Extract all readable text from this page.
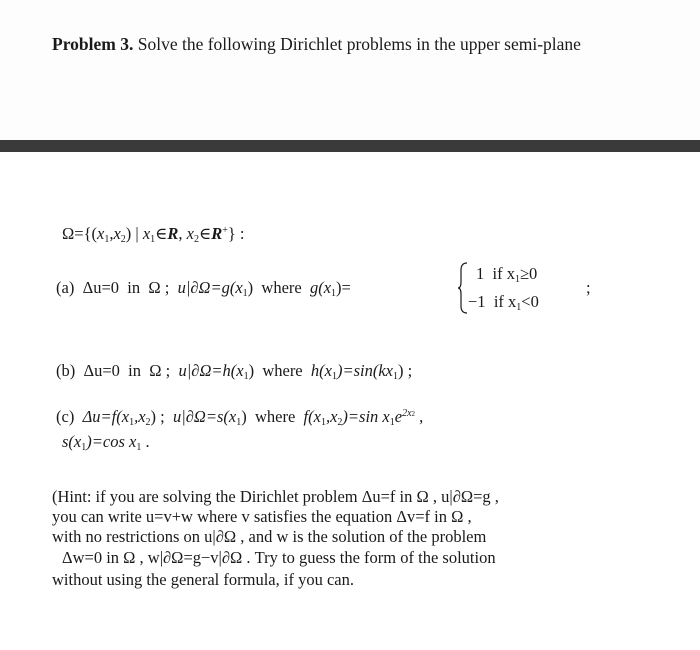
Problem 3. Solve the following Dirichlet problems in the upper semi-plane
$\Omega=\{(x_1,x_2)$ | $x_1\in R$, $x_2\in R^+$} :
(a) Δu=0 in Ω ; $u|\partial\Omega=g(x_1)$ where $g(x_1)=$
1 if $x_1\ge 0$
−1 if $x_1<0$
;
(b) Δu=0 in Ω ; $u|\partial\Omega=h(x_1)$ where $h(x_1)=\sin(kx_1)$ ;
(c) $\Delta u=f(x_1,x_2)$ ; $u|\partial\Omega=s(x_1)$ where $f(x_1,x_2)=\sin$ $x_1e^{2x2}$ ,
$s(x_1)=\cos$ $x_1$ .
(Hint: if you are solving the Dirichlet problem Δu=f in Ω , u|∂Ω=g ,
you can write u=v+w where v satisfies the equation Δv=f in Ω ,
with no restrictions on u|∂Ω , and w is the solution of the problem
Δw=0 in Ω , w|∂Ω=g−v|∂Ω . Try to guess the form of the solution
without using the general formula, if you can.
